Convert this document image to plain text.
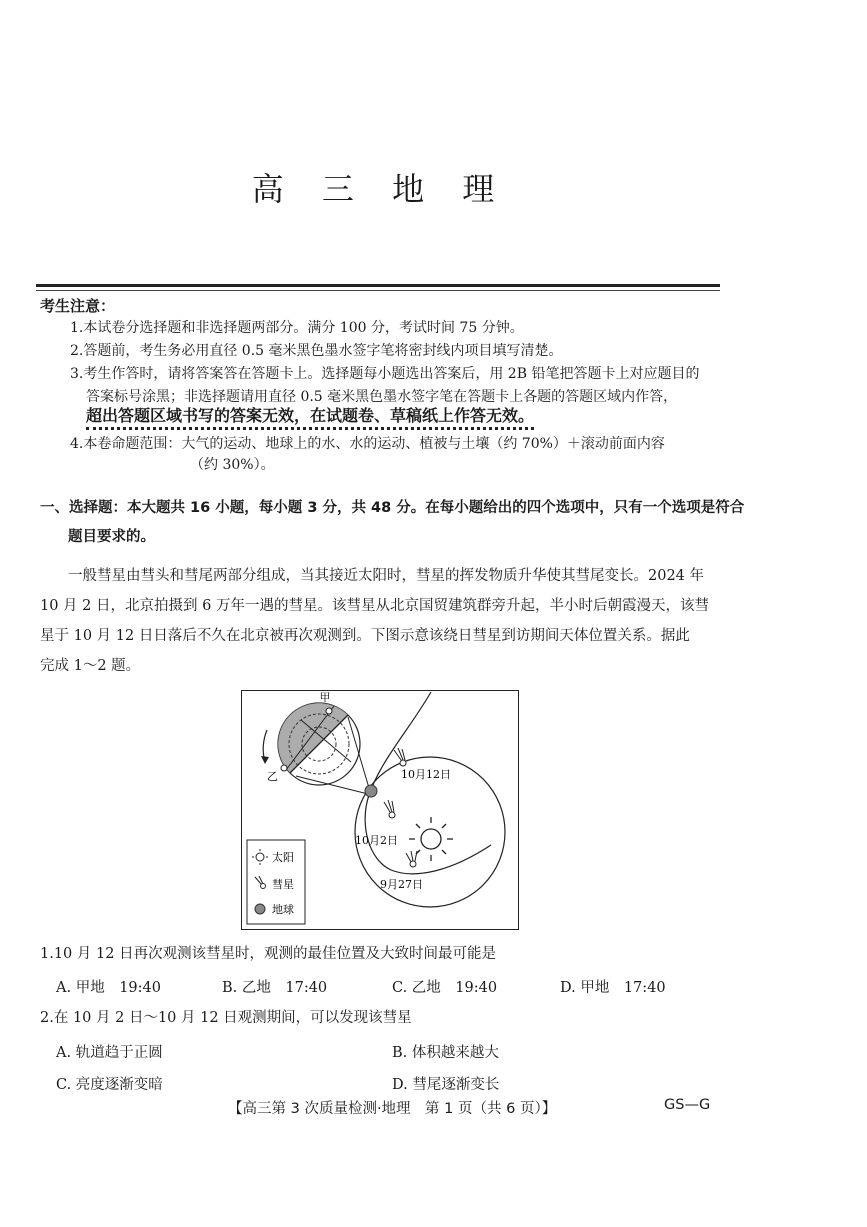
高 三 地 理
考生注意：
1.本试卷分选择题和非选择题两部分。满分 100 分，考试时间 75 分钟。
2.答题前，考生务必用直径 0.5 毫米黑色墨水签字笔将密封线内项目填写清楚。
3.考生作答时，请将答案答在答题卡上。选择题每小题选出答案后，用 2B 铅笔把答题卡上对应题目的
答案标号涂黑；非选择题请用直径 0.5 毫米黑色墨水签字笔在答题卡上各题的答题区域内作答，
超出答题区域书写的答案无效，在试题卷、草稿纸上作答无效。
4.本卷命题范围：大气的运动、地球上的水、水的运动、植被与土壤（约 70%）＋滚动前面内容
（约 30%）。
一、选择题：本大题共 16 小题，每小题 3 分，共 48 分。在每小题给出的四个选项中，只有一个选项是符合
题目要求的。
一般彗星由彗头和彗尾两部分组成，当其接近太阳时，彗星的挥发物质升华使其彗尾变长。2024 年
10 月 2 日，北京拍摄到 6 万年一遇的彗星。该彗星从北京国贸建筑群旁升起，半小时后朝霞漫天，该彗
星于 10 月 12 日日落后不久在北京被再次观测到。下图示意该绕日彗星到访期间天体位置关系。据此
完成 1～2 题。
甲
乙	10月12日
10月2日
9月27日
太阳
彗星
地球
1.10 月 12 日再次观测该彗星时，观测的最佳位置及大致时间最可能是
A. 甲地　19:40	B. 乙地　17:40	C. 乙地　19:40	D. 甲地　17:40
2.在 10 月 2 日～10 月 12 日观测期间，可以发现该彗星
A. 轨道趋于正圆	B. 体积越来越大
C. 亮度逐渐变暗	D. 彗尾逐渐变长
【高三第 3 次质量检测·地理　第 1 页（共 6 页）】	GS—G
